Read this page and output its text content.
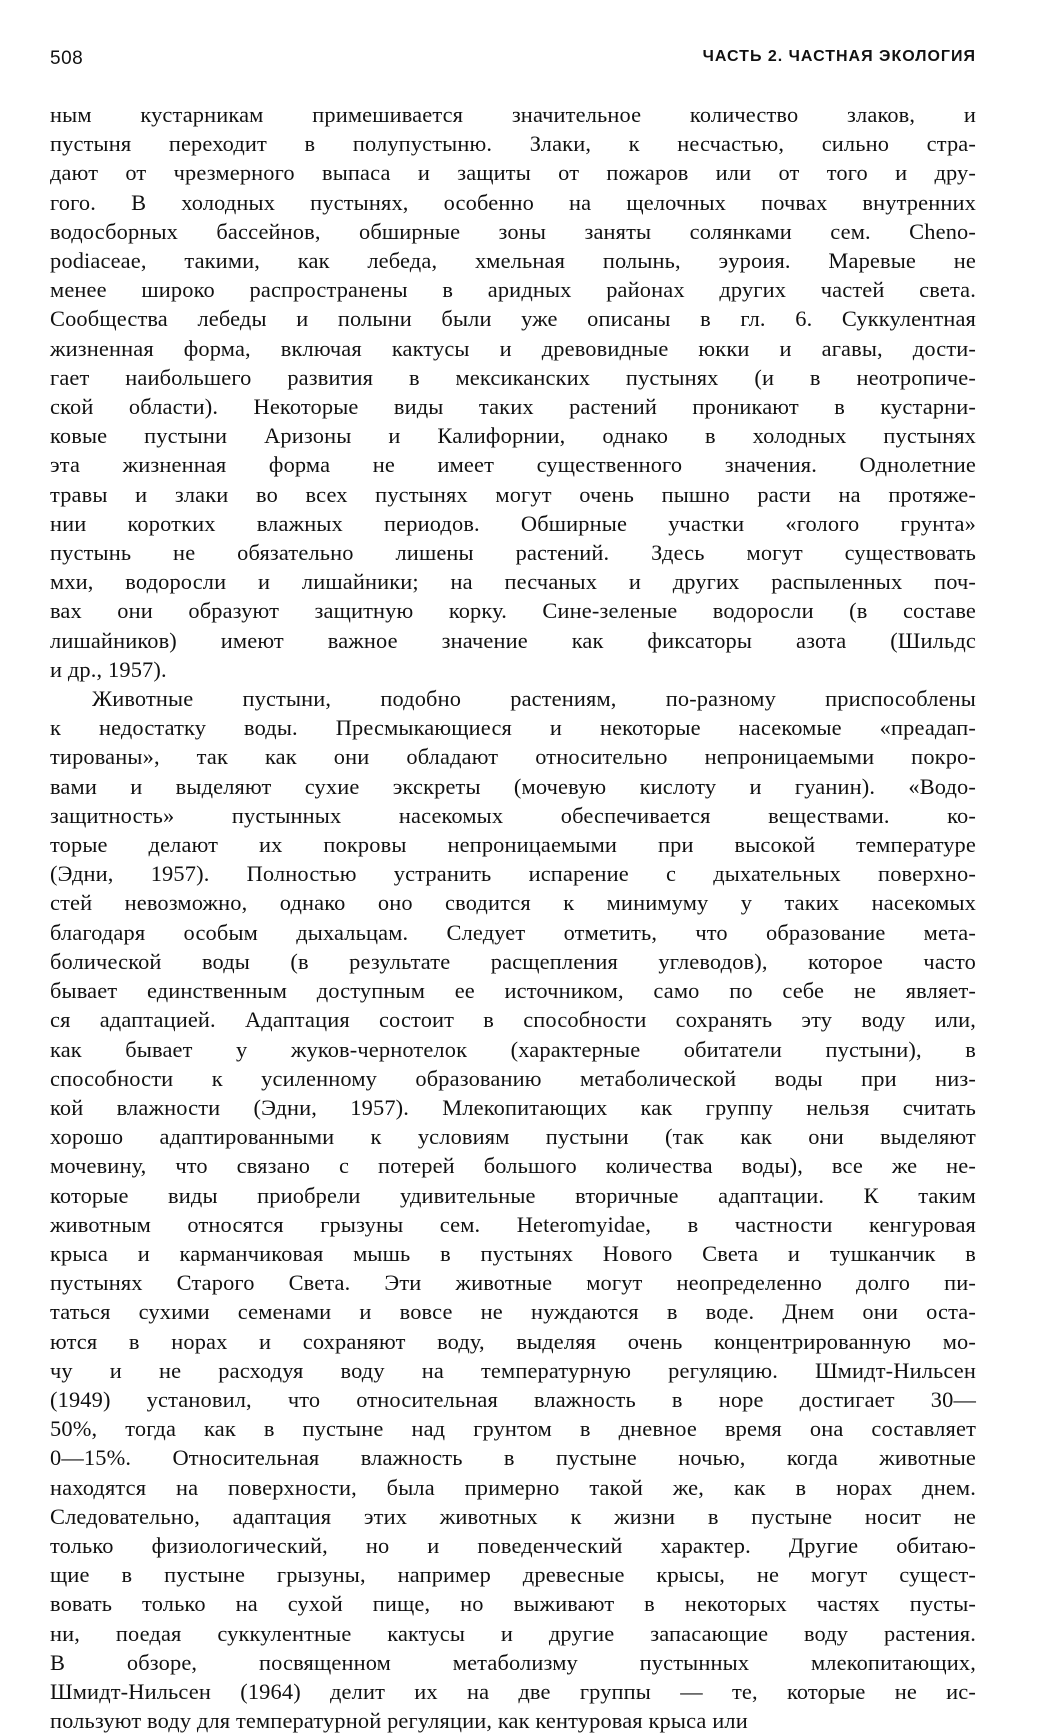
508	ЧАСТЬ 2. ЧАСТНАЯ ЭКОЛОГИЯ

ным кустарникам примешивается значительное количество злаков, и
пустыня переходит в полупустыню. Злаки, к несчастью, сильно стра-
дают от чрезмерного выпаса и защиты от пожаров или от того и дру-
гого. В холодных пустынях, особенно на щелочных почвах внутренних
водосборных бассейнов, обширные зоны заняты солянками сем. Cheno-
podiaceae, такими, как лебеда, хмельная полынь, эуроия. Маревые не
менее широко распространены в аридных районах других частей света.
Сообщества лебеды и полыни были уже описаны в гл. 6. Суккулентная
жизненная форма, включая кактусы и древовидные юкки и агавы, дости-
гает наибольшего развития в мексиканских пустынях (и в неотропиче-
ской области). Некоторые виды таких растений проникают в кустарни-
ковые пустыни Аризоны и Калифорнии, однако в холодных пустынях
эта жизненная форма не имеет существенного значения. Однолетние
травы и злаки во всех пустынях могут очень пышно расти на протяже-
нии коротких влажных периодов. Обширные участки «голого грунта»
пустынь не обязательно лишены растений. Здесь могут существовать
мхи, водоросли и лишайники; на песчаных и других распыленных поч-
вах они образуют защитную корку. Сине-зеленые водоросли (в составе
лишайников) имеют важное значение как фиксаторы азота (Шильдс
и др., 1957).

Животные пустыни, подобно растениям, по-разному приспособлены
к недостатку воды. Пресмыкающиеся и некоторые насекомые «преадап-
тированы», так как они обладают относительно непроницаемыми покро-
вами и выделяют сухие экскреты (мочевую кислоту и гуанин). «Водо-
защитность» пустынных насекомых обеспечивается веществами. ко-
торые делают их покровы непроницаемыми при высокой температуре
(Эдни, 1957). Полностью устранить испарение с дыхательных поверхно-
стей невозможно, однако оно сводится к минимуму у таких насекомых
благодаря особым дыхальцам. Следует отметить, что образование мета-
болической воды (в результате расщепления углеводов), которое часто
бывает единственным доступным ее источником, само по себе не являет-
ся адаптацией. Адаптация состоит в способности сохранять эту воду или,
как бывает у жуков-чернотелок (характерные обитатели пустыни), в
способности к усиленному образованию метаболической воды при низ-
кой влажности (Эдни, 1957). Млекопитающих как группу нельзя считать
хорошо адаптированными к условиям пустыни (так как они выделяют
мочевину, что связано с потерей большого количества воды), все же не-
которые виды приобрели удивительные вторичные адаптации. К таким
животным относятся грызуны сем. Heteromyidae, в частности кенгуровая
крыса и карманчиковая мышь в пустынях Нового Света и тушканчик в
пустынях Старого Света. Эти животные могут неопределенно долго пи-
таться сухими семенами и вовсе не нуждаются в воде. Днем они оста-
ются в норах и сохраняют воду, выделяя очень концентрированную мо-
чу и не расходуя воду на температурную регуляцию. Шмидт-Нильсен
(1949) установил, что относительная влажность в норе достигает 30—
50%, тогда как в пустыне над грунтом в дневное время она составляет
0—15%. Относительная влажность в пустыне ночью, когда животные
находятся на поверхности, была примерно такой же, как в норах днем.
Следовательно, адаптация этих животных к жизни в пустыне носит не
только физиологический, но и поведенческий характер. Другие обитаю-
щие в пустыне грызуны, например древесные крысы, не могут сущест-
вовать только на сухой пище, но выживают в некоторых частях пусты-
ни, поедая суккулентные кактусы и другие запасающие воду растения.
В обзоре, посвященном метаболизму пустынных млекопитающих,
Шмидт-Нильсен (1964) делит их на две группы — те, которые не ис-
пользуют воду для температурной регуляции, как кентуровая крыса или
